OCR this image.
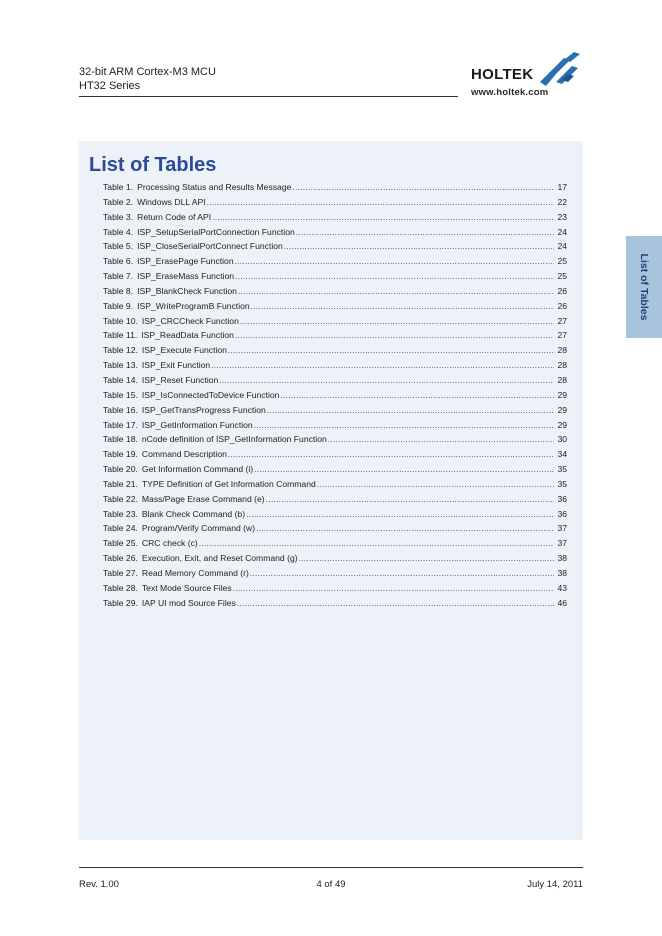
32-bit ARM Cortex-M3 MCU
HT32 Series
HOLTEK
www.holtek.com
List of Tables
Table 1. Processing Status and Results Message .....	17
Table 2. Windows DLL API .....	22
Table 3. Return Code of API .....	23
Table 4. ISP_SetupSerialPortConnection Function .....	24
Table 5. ISP_CloseSerialPortConnect Function .....	24
Table 6. ISP_ErasePage Function .....	25
Table 7. ISP_EraseMass Function .....	25
Table 8. ISP_BlankCheck Function .....	26
Table 9. ISP_WriteProgramB Function .....	26
Table 10. ISP_CRCCheck Function .....	27
Table 11. ISP_ReadData Function .....	27
Table 12. ISP_Execute Function .....	28
Table 13. ISP_Exit Function .....	28
Table 14. ISP_Reset Function .....	28
Table 15. ISP_IsConnectedToDevice Function .....	29
Table 16. ISP_GetTransProgress Function .....	29
Table 17. ISP_GetInformation Function .....	29
Table 18. nCode definition of ISP_GetInformation Function .....	30
Table 19. Command Description .....	34
Table 20. Get Information Command (i) .....	35
Table 21. TYPE Definition of Get Information Command .....	35
Table 22. Mass/Page Erase Command (e) .....	36
Table 23. Blank Check Command (b) .....	36
Table 24. Program/Verify Command (w) .....	37
Table 25. CRC check (c) .....	37
Table 26. Execution, Exit, and Reset Command (g) .....	38
Table 27. Read Memory Command (r) .....	38
Table 28. Text Mode Source Files .....	43
Table 29. IAP UI mod Source Files .....	46
List of Tables
Rev. 1.00	4 of 49	July 14, 2011
